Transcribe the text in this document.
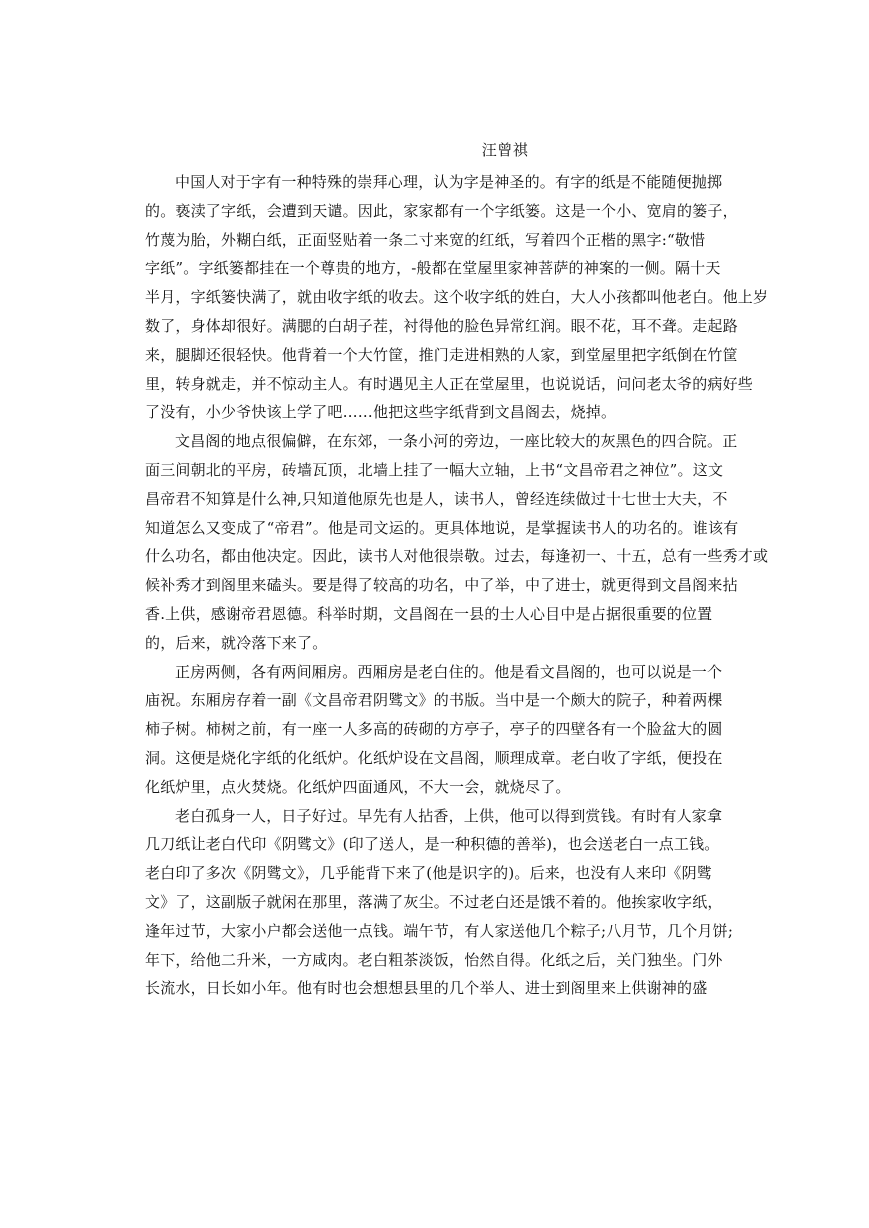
汪曾祺

中国人对于字有一种特殊的崇拜心理，认为字是神圣的。有字的纸是不能随便抛掷
的。亵渎了字纸，会遭到天谴。因此，家家都有一个字纸篓。这是一个小、宽肩的篓子，
竹蔑为胎，外糊白纸，正面竖贴着一条二寸来宽的红纸，写着四个正楷的黑字:“敬惜
字纸”。字纸篓都挂在一个尊贵的地方，-般都在堂屋里家神菩萨的神案的一侧。隔十天
半月，字纸篓快满了，就由收字纸的收去。这个收字纸的姓白，大人小孩都叫他老白。他上岁
数了，身体却很好。满腮的白胡子茬，衬得他的脸色异常红润。眼不花，耳不聋。走起路
来，腿脚还很轻快。他背着一个大竹筐，推门走进相熟的人家，到堂屋里把字纸倒在竹筐
里，转身就走，并不惊动主人。有时遇见主人正在堂屋里，也说说话，问问老太爷的病好些
了没有，小少爷快该上学了吧……他把这些字纸背到文昌阁去，烧掉。

文昌阁的地点很偏僻，在东郊，一条小河的旁边，一座比较大的灰黑色的四合院。正
面三间朝北的平房，砖墙瓦顶，北墙上挂了一幅大立轴，上书“文昌帝君之神位”。这文
昌帝君不知算是什么神,只知道他原先也是人，读书人，曾经连续做过十七世士大夫，不
知道怎么又变成了“帝君”。他是司文运的。更具体地说，是掌握读书人的功名的。谁该有
什么功名，都由他决定。因此，读书人对他很崇敬。过去，每逢初一、十五，总有一些秀才或
候补秀才到阁里来磕头。要是得了较高的功名，中了举，中了进士，就更得到文昌阁来拈
香.上供，感谢帝君恩德。科举时期，文昌阁在一县的士人心目中是占据很重要的位置
的，后来，就冷落下来了。

正房两侧，各有两间厢房。西厢房是老白住的。他是看文昌阁的，也可以说是一个
庙祝。东厢房存着一副《文昌帝君阴骘文》的书版。当中是一个颇大的院子，种着两棵
柿子树。柿树之前，有一座一人多高的砖砌的方亭子，亭子的四壁各有一个脸盆大的圆
洞。这便是烧化字纸的化纸炉。化纸炉设在文昌阁，顺理成章。老白收了字纸，便投在
化纸炉里，点火焚烧。化纸炉四面通风，不大一会，就烧尽了。

老白孤身一人，日子好过。早先有人拈香，上供，他可以得到赏钱。有时有人家拿
几刀纸让老白代印《阴骘文》(印了送人，是一种积德的善举)，也会送老白一点工钱。
老白印了多次《阴骘文》，几乎能背下来了(他是识字的)。后来，也没有人来印《阴骘
文》了，这副版子就闲在那里，落满了灰尘。不过老白还是饿不着的。他挨家收字纸，
逢年过节，大家小户都会送他一点钱。端午节，有人家送他几个粽子;八月节，几个月饼;
年下，给他二升米，一方咸肉。老白粗茶淡饭，怡然自得。化纸之后，关门独坐。门外
长流水，日长如小年。他有时也会想想县里的几个举人、进士到阁里来上供谢神的盛
